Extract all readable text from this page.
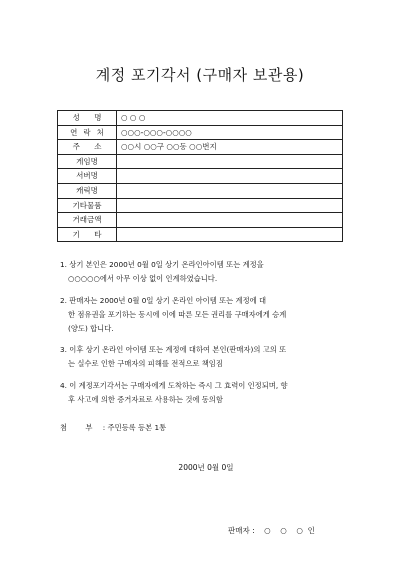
계정 포기각서 (구매자 보관용)
성 명	○ ○ ○
연락처	○○○-○○○-○○○○
주 소	○○시 ○○구 ○○동 ○○번지
게임명	
서버명	
캐릭명	
기타물품	
거래금액	
기 타	
1. 상기 본인은 2000년 0월 0일 상기 온라인아이템 또는 계정을
○○○○○에서 아무 이상 없이 인계하였습니다.
2. 판매자는 2000년 0월 0일 상기 온라인 아이템 또는 계정에 대
한 점유권을 포기하는 동시에 이에 따른 모든 권리를 구매자에게 승계
(양도) 합니다.
3. 이후 상기 온라인 아이템 또는 계정에 대하여 본인(판매자)의 고의 또
는 실수로 인한 구매자의 피해를 전적으로 책임짐
4. 이 계정포기각서는 구매자에게 도착하는 즉시 그 효력이 인정되며, 향
후 사고에 의한 증거자료로 사용하는 것에 동의함
첨 부 : 주민등록 등본 1통
2000년 0월 0일
판매자 :    ○    ○    ○  인
